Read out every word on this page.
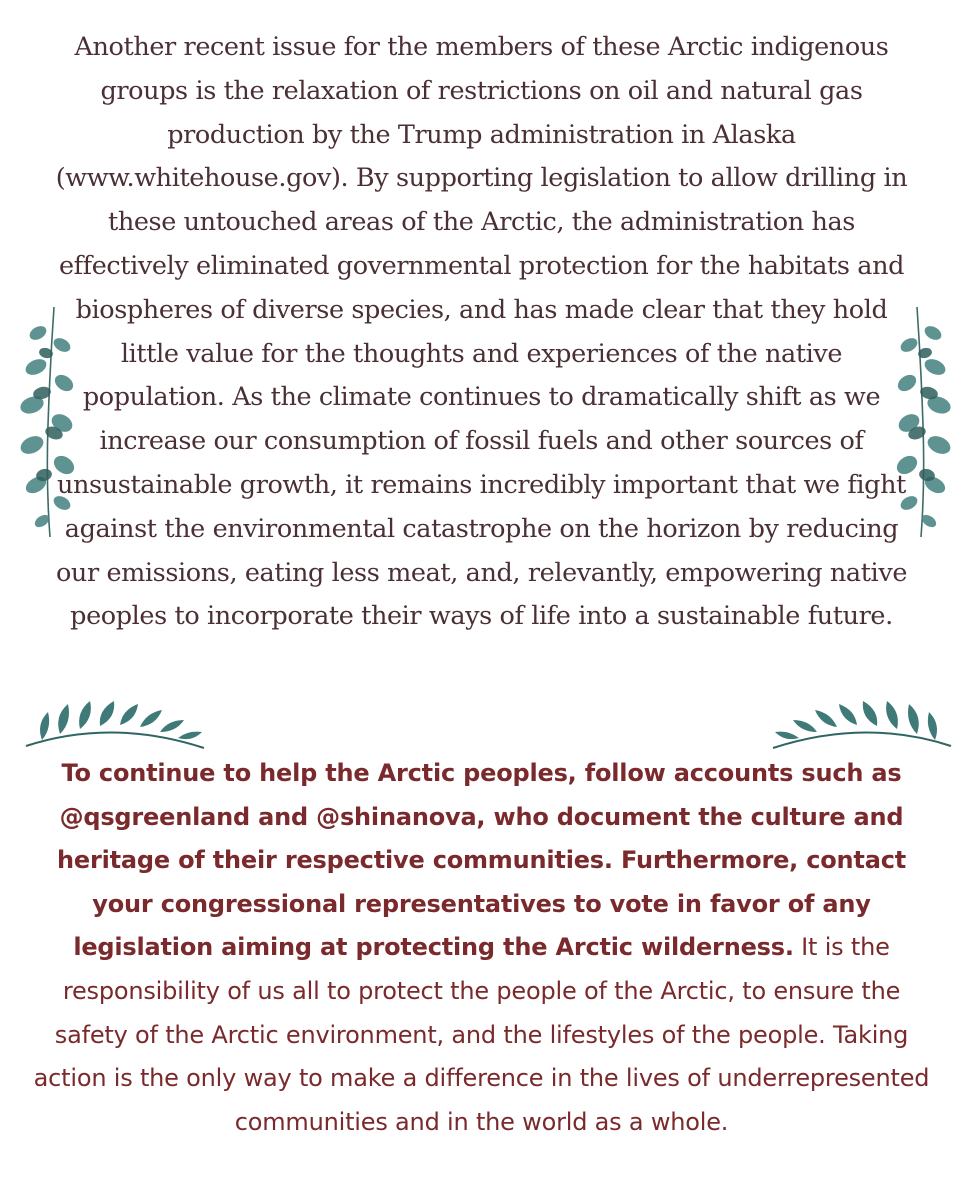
Another recent issue for the members of these Arctic indigenous groups is the relaxation of restrictions on oil and natural gas production by the Trump administration in Alaska (www.whitehouse.gov). By supporting legislation to allow drilling in these untouched areas of the Arctic, the administration has effectively eliminated governmental protection for the habitats and biospheres of diverse species, and has made clear that they hold little value for the thoughts and experiences of the native population. As the climate continues to dramatically shift as we increase our consumption of fossil fuels and other sources of unsustainable growth, it remains incredibly important that we fight against the environmental catastrophe on the horizon by reducing our emissions, eating less meat, and, relevantly, empowering native peoples to incorporate their ways of life into a sustainable future.
To continue to help the Arctic peoples, follow accounts such as @qsgreenland and @shinanova, who document the culture and heritage of their respective communities. Furthermore, contact your congressional representatives to vote in favor of any legislation aiming at protecting the Arctic wilderness. It is the responsibility of us all to protect the people of the Arctic, to ensure the safety of the Arctic environment, and the lifestyles of the people. Taking action is the only way to make a difference in the lives of underrepresented communities and in the world as a whole.
